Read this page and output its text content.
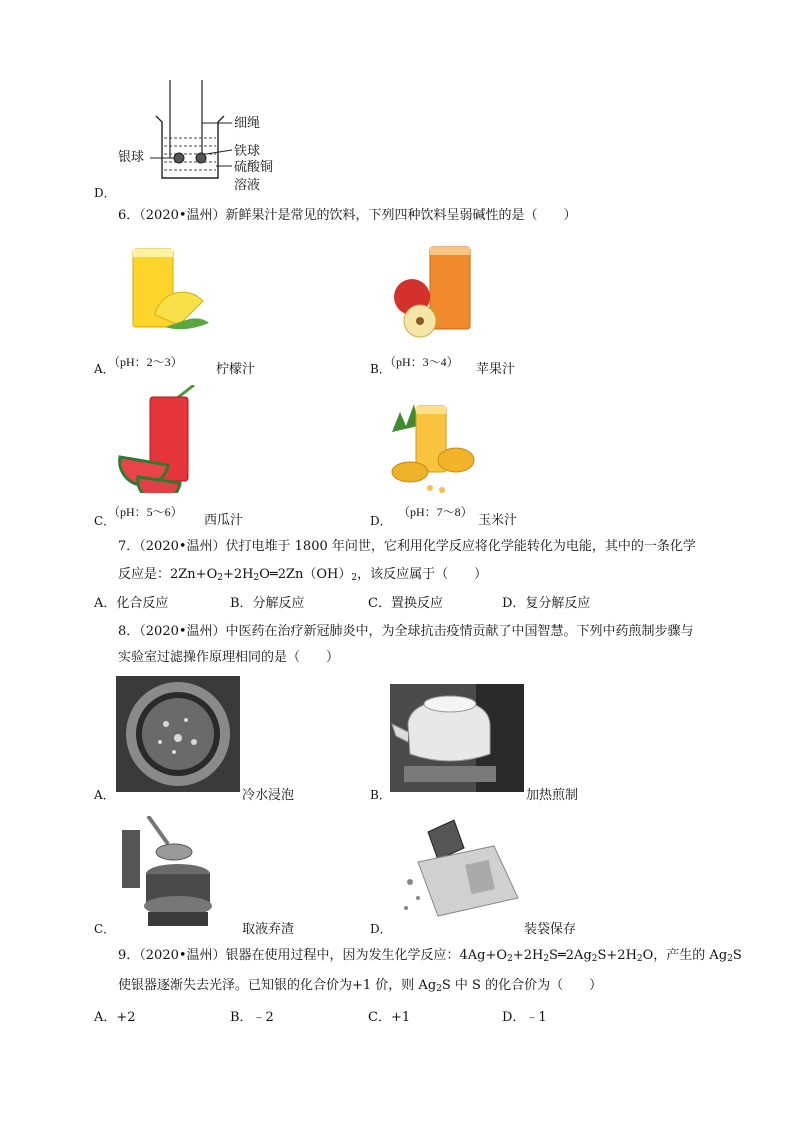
细绳
银球	铁球
硫酸铜
溶液
D．
6．（2020•温州）新鲜果汁是常见的饮料，下列四种饮料呈弱碱性的是（　　）
A．
（pH：2～3）	柠檬汁	B．
（pH：3～4） 苹果汁
C．
（pH：5～6）
西瓜汁	D．
（pH：7～8）
玉米汁
7．（2020•温州）伏打电堆于 1800 年问世，它利用化学反应将化学能转化为电能，其中的一条化学
反应是：$2Zn+O_2+2H_2O═2Zn(OH)_2$，该反应属于（　　）
A．化合反应	B．分解反应	C．置换反应	D．复分解反应
8．（2020•温州）中医药在治疗新冠肺炎中，为全球抗击疫情贡献了中国智慧。下列中药煎制步骤与
实验室过滤操作原理相同的是（　　）
A．	冷水浸泡	B．	加热煎制
C．	取液弃渣	D．	装袋保存
9．（2020•温州）银器在使用过程中，因为发生化学反应：$4Ag+O_2+2H_2S═2Ag_2S+2H_2O$，产生的 $Ag_2S$
使银器逐渐失去光泽。已知银的化合价为+1 价，则 $Ag_2S$ 中 S 的化合价为（　　）
A．+2	B．﹣2	C．+1	D．﹣1
